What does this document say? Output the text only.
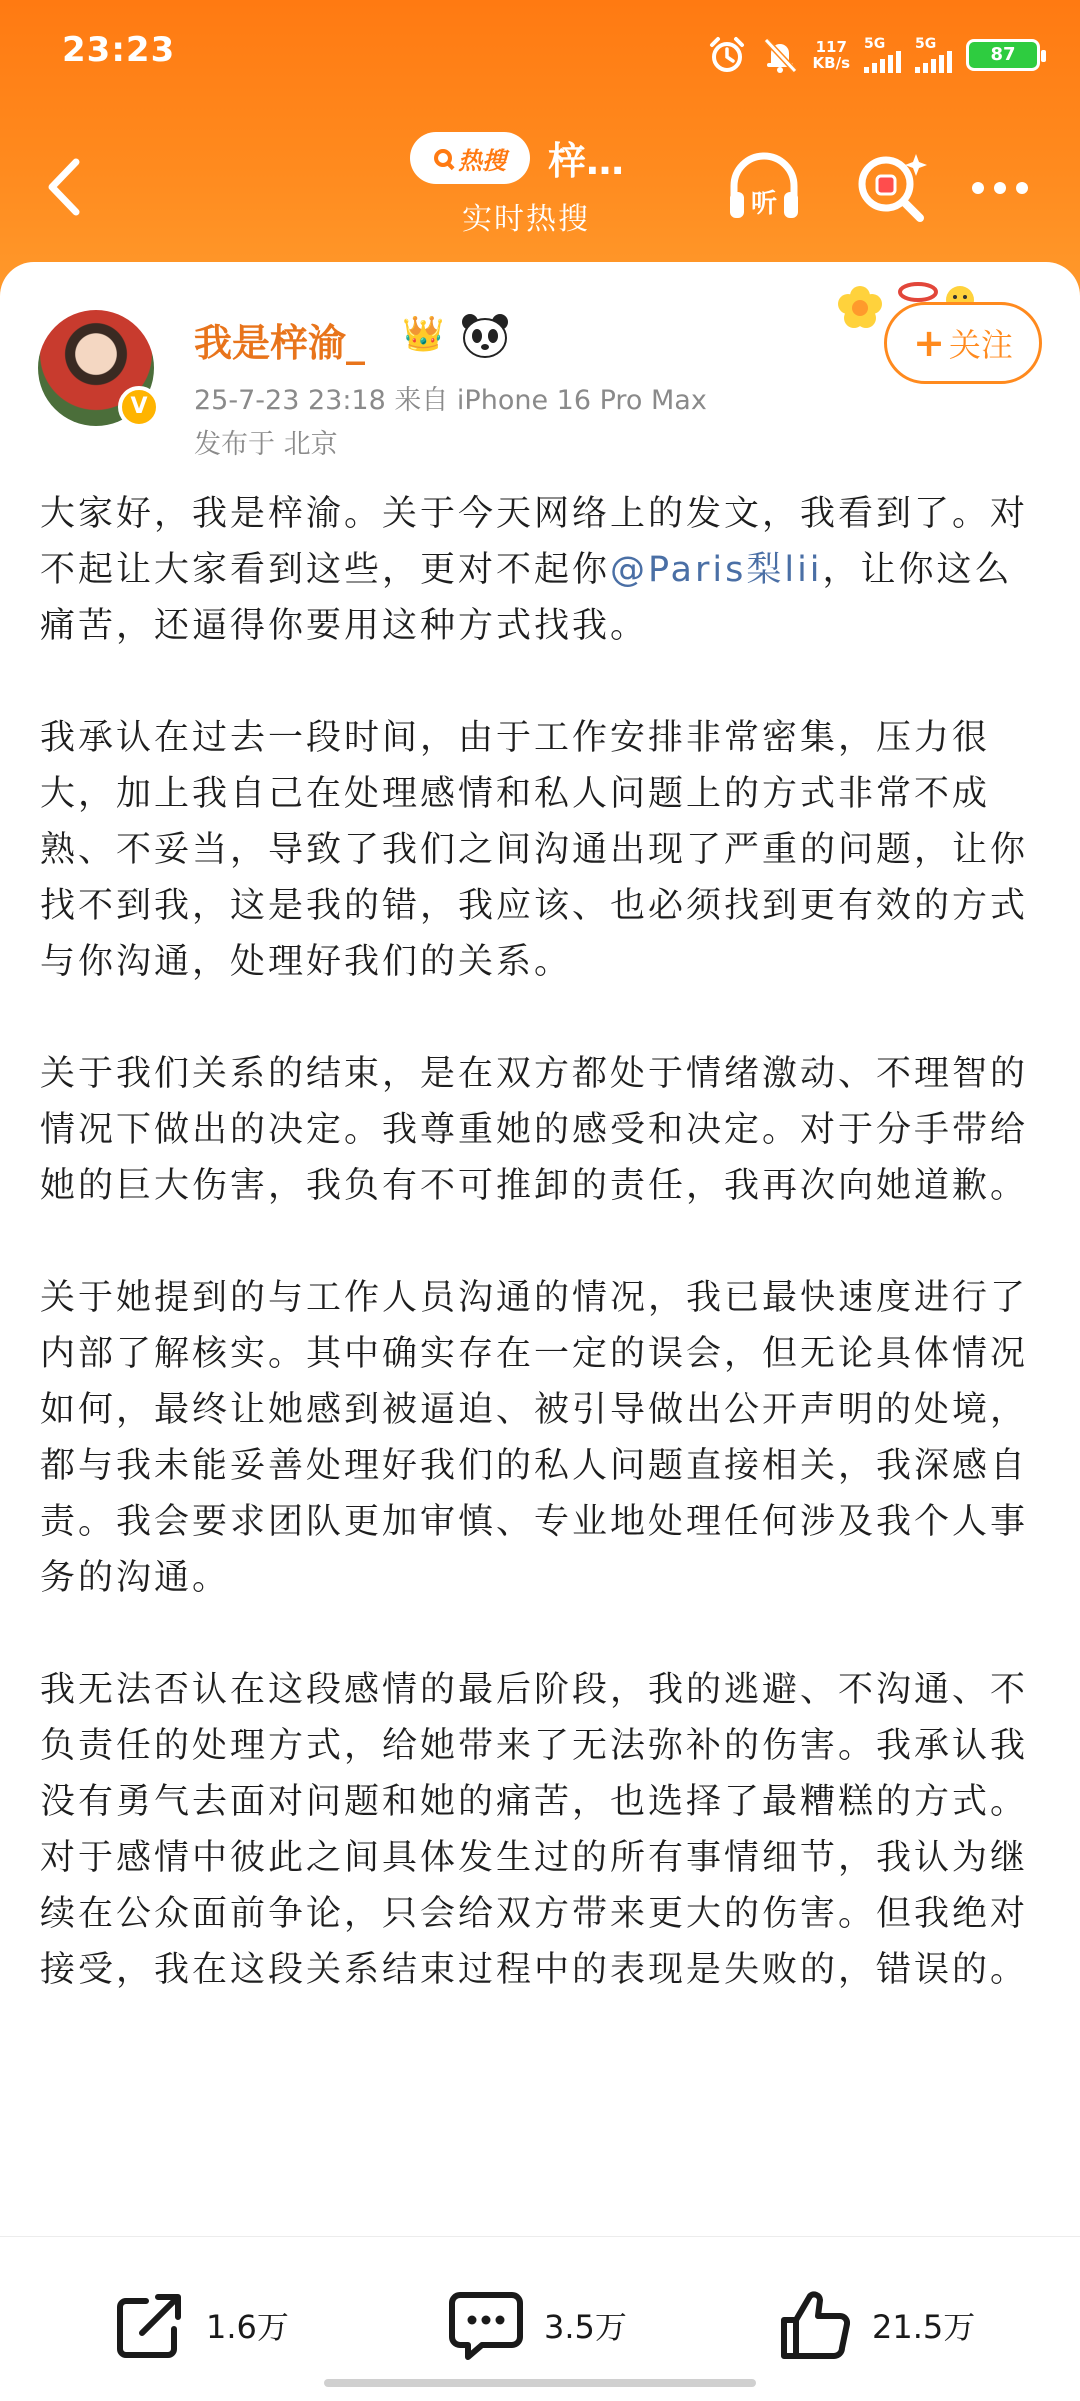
23:23	117
KB/s
5G 5G	87
热搜 梓…
实时热搜	听
V
我是梓渝_ 👑
25-7-23 23:18 来自 iPhone 16 Pro Max
发布于 北京
+ 关注

大家好，我是梓渝。关于今天网络上的发文，我看到了。对不起让大家看到这些，更对不起你@Paris梨lii，让你这么痛苦，还逼得你要用这种方式找我。

我承认在过去一段时间，由于工作安排非常密集，压力很大，加上我自己在处理感情和私人问题上的方式非常不成熟、不妥当，导致了我们之间沟通出现了严重的问题，让你找不到我，这是我的错，我应该、也必须找到更有效的方式与你沟通，处理好我们的关系。

关于我们关系的结束，是在双方都处于情绪激动、不理智的情况下做出的决定。我尊重她的感受和决定。对于分手带给她的巨大伤害，我负有不可推卸的责任，我再次向她道歉。

关于她提到的与工作人员沟通的情况，我已最快速度进行了内部了解核实。其中确实存在一定的误会，但无论具体情况如何，最终让她感到被逼迫、被引导做出公开声明的处境，都与我未能妥善处理好我们的私人问题直接相关，我深感自责。我会要求团队更加审慎、专业地处理任何涉及我个人事务的沟通。

我无法否认在这段感情的最后阶段，我的逃避、不沟通、不负责任的处理方式，给她带来了无法弥补的伤害。我承认我没有勇气去面对问题和她的痛苦，也选择了最糟糕的方式。对于感情中彼此之间具体发生过的所有事情细节，我认为继续在公众面前争论，只会给双方带来更大的伤害。但我绝对接受，我在这段关系结束过程中的表现是失败的，错误的。

1.6万	3.5万	21.5万
